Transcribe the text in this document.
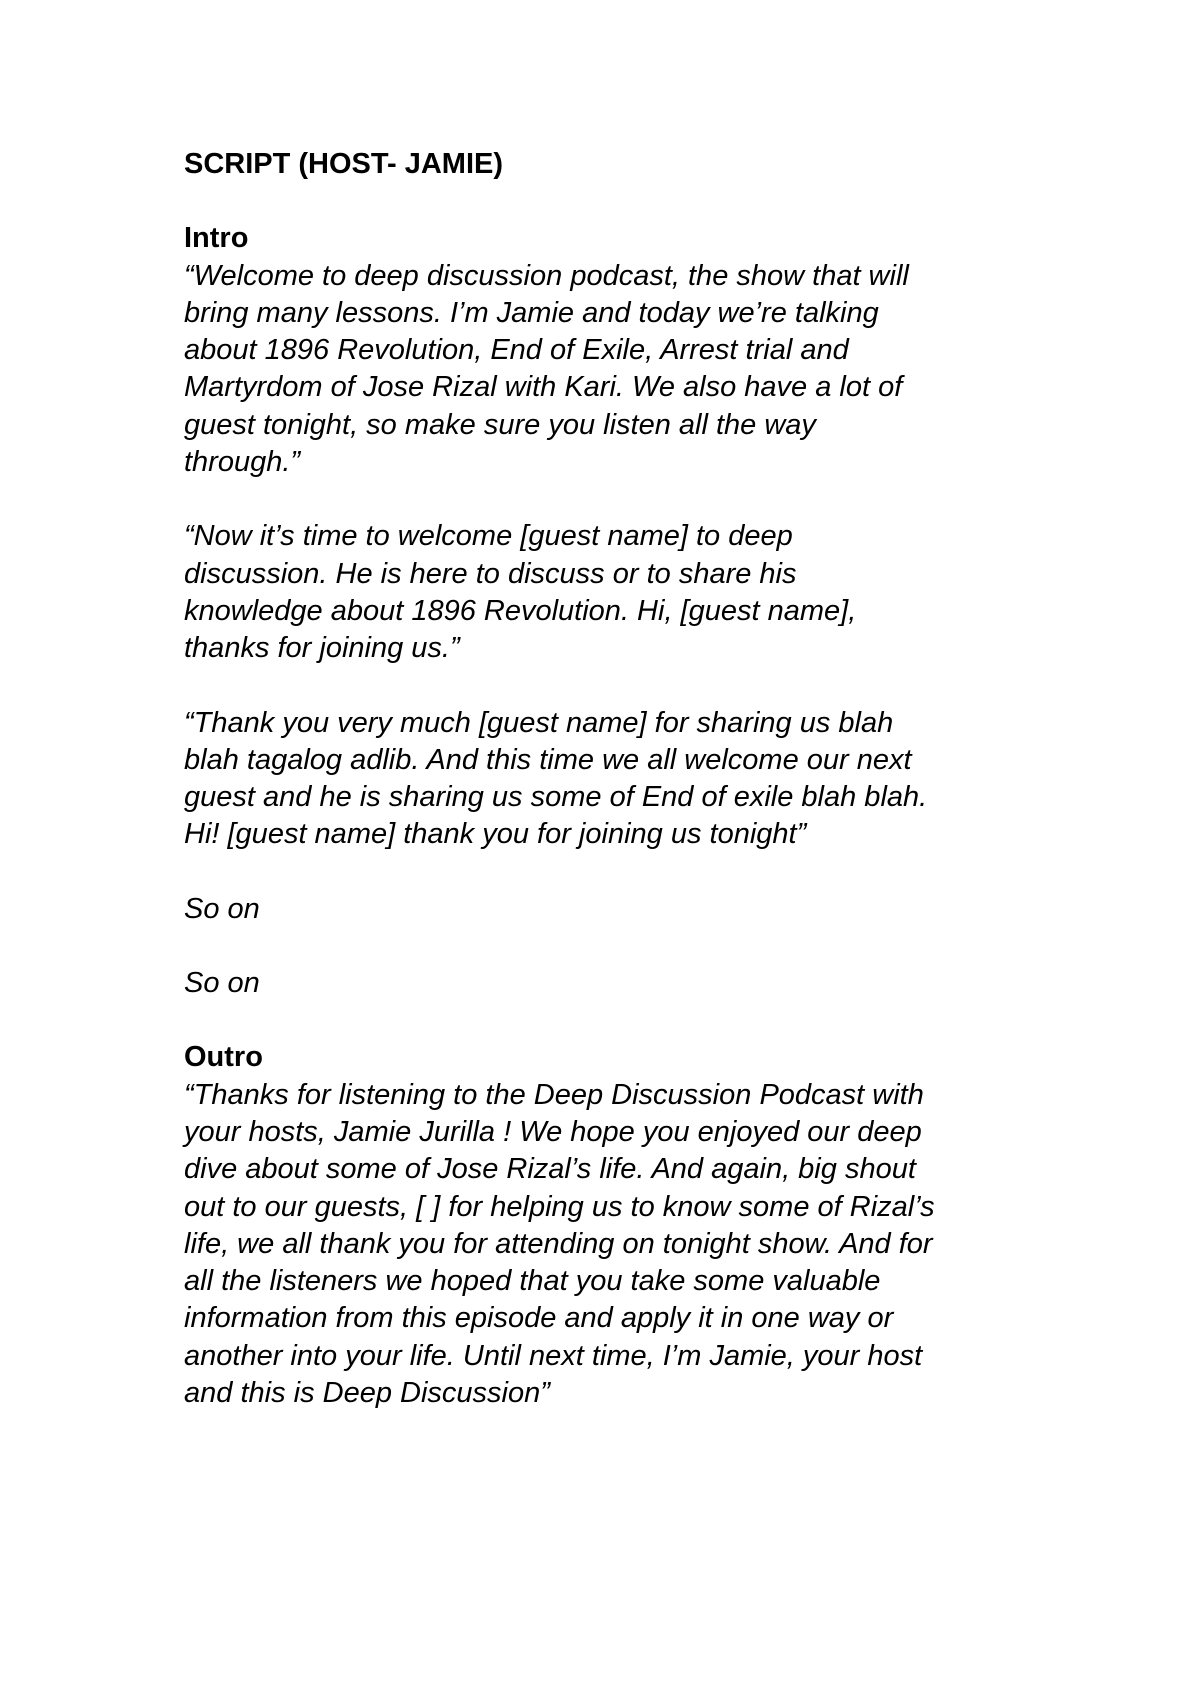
SCRIPT (HOST- JAMIE)

Intro

“Welcome to deep discussion podcast, the show that will
bring many lessons. I’m Jamie and today we’re talking
about 1896 Revolution, End of Exile, Arrest trial and
Martyrdom of Jose Rizal with Kari. We also have a lot of
guest tonight, so make sure you listen all the way
through.”

“Now it’s time to welcome [guest name] to deep
discussion. He is here to discuss or to share his
knowledge about 1896 Revolution. Hi, [guest name],
thanks for joining us.”

“Thank you very much [guest name] for sharing us blah
blah tagalog adlib. And this time we all welcome our next
guest and he is sharing us some of End of exile blah blah.
Hi! [guest name] thank you for joining us tonight”

So on

So on

Outro

“Thanks for listening to the Deep Discussion Podcast with
your hosts, Jamie Jurilla ! We hope you enjoyed our deep
dive about some of Jose Rizal’s life. And again, big shout
out to our guests, [ ] for helping us to know some of Rizal’s
life, we all thank you for attending on tonight show. And for
all the listeners we hoped that you take some valuable
information from this episode and apply it in one way or
another into your life. Until next time, I’m Jamie, your host
and this is Deep Discussion”
